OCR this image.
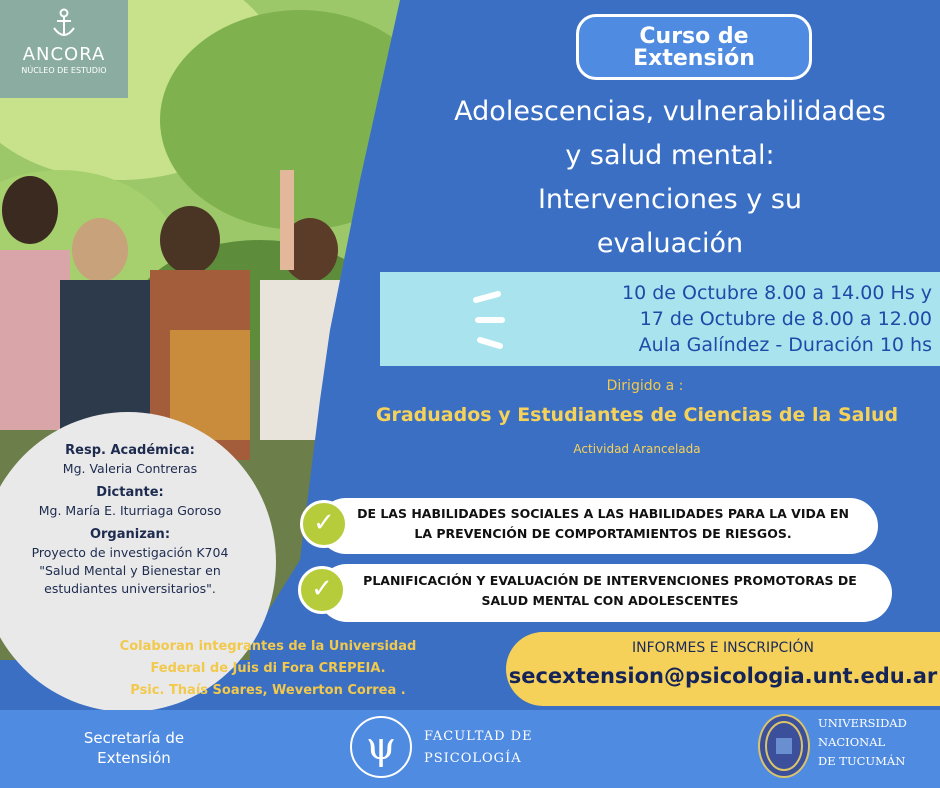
ANCORA
NÚCLEO DE ESTUDIO
Curso de
Extensión
Adolescencias, vulnerabilidades
y salud mental:
Intervenciones y su
evaluación
10 de Octubre 8.00 a 14.00 Hs y
17 de Octubre de 8.00 a 12.00
Aula Galíndez - Duración 10 hs
Dirigido a :
Graduados y Estudiantes de Ciencias de la Salud
Actividad Arancelada
DE LAS HABILIDADES SOCIALES A LAS HABILIDADES PARA LA VIDA EN
LA PREVENCIÓN DE COMPORTAMIENTOS DE RIESGOS.
✓
PLANIFICACIÓN Y EVALUACIÓN DE INTERVENCIONES PROMOTORAS DE
SALUD MENTAL CON ADOLESCENTES
✓
Resp. Académica:
Mg. Valeria Contreras
Dictante:
Mg. María E. Iturriaga Goroso
Organizan:
Proyecto de investigación K704
"Salud Mental y Bienestar en
estudiantes universitarios".
Colaboran integrantes de la Universidad
Federal de Juis di Fora CREPEIA.
Psic. Thaís Soares, Weverton Correa .
INFORMES E INSCRIPCIÓN
secextension@psicologia.unt.edu.ar
Secretaría de
Extensión	ψ	FACULTAD DE
PSICOLOGÍA
UNIVERSIDAD
NACIONAL
DE TUCUMÁN
